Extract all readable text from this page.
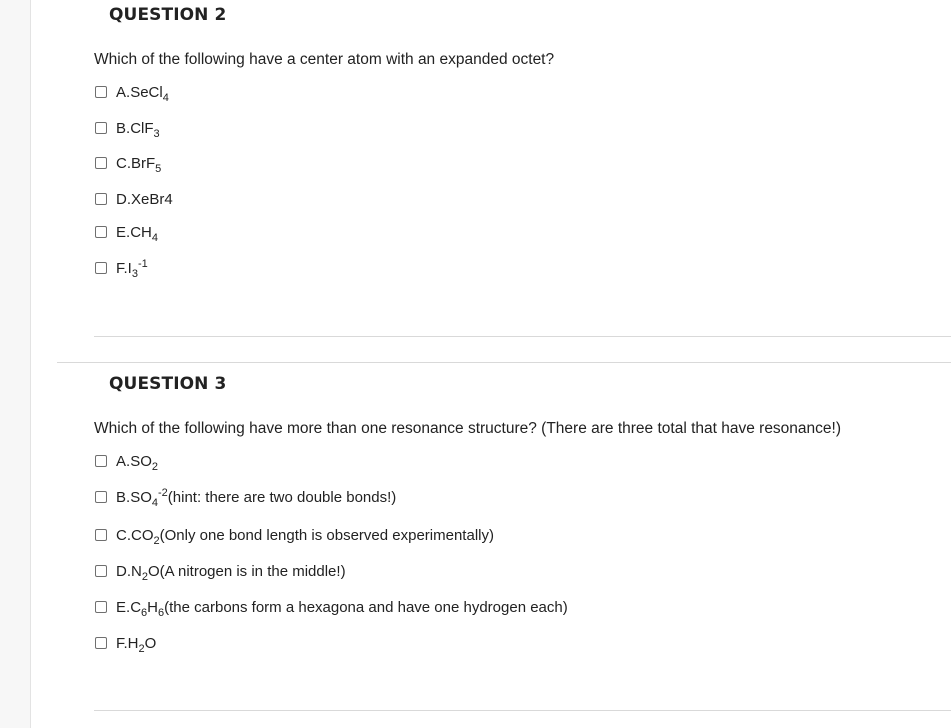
QUESTION 2
Which of the following have a center atom with an expanded octet?
A. SeCl$_4$
B. ClF$_3$
C. BrF$_5$
D. XeBr4
E. $CH_4$
F. $I_3^{-1}$
QUESTION 3
Which of the following have more than one resonance structure? (There are three total that have resonance!)
A. $SO_2$
B. $SO_4^{-2}$ (hint: there are two double bonds!)
C. $CO_2$ (Only one bond length is observed experimentally)
D. $N_2O$ (A nitrogen is in the middle!)
E. $C_6H_6$ (the carbons form a hexagona and have one hydrogen each)
F. $H_2O$
